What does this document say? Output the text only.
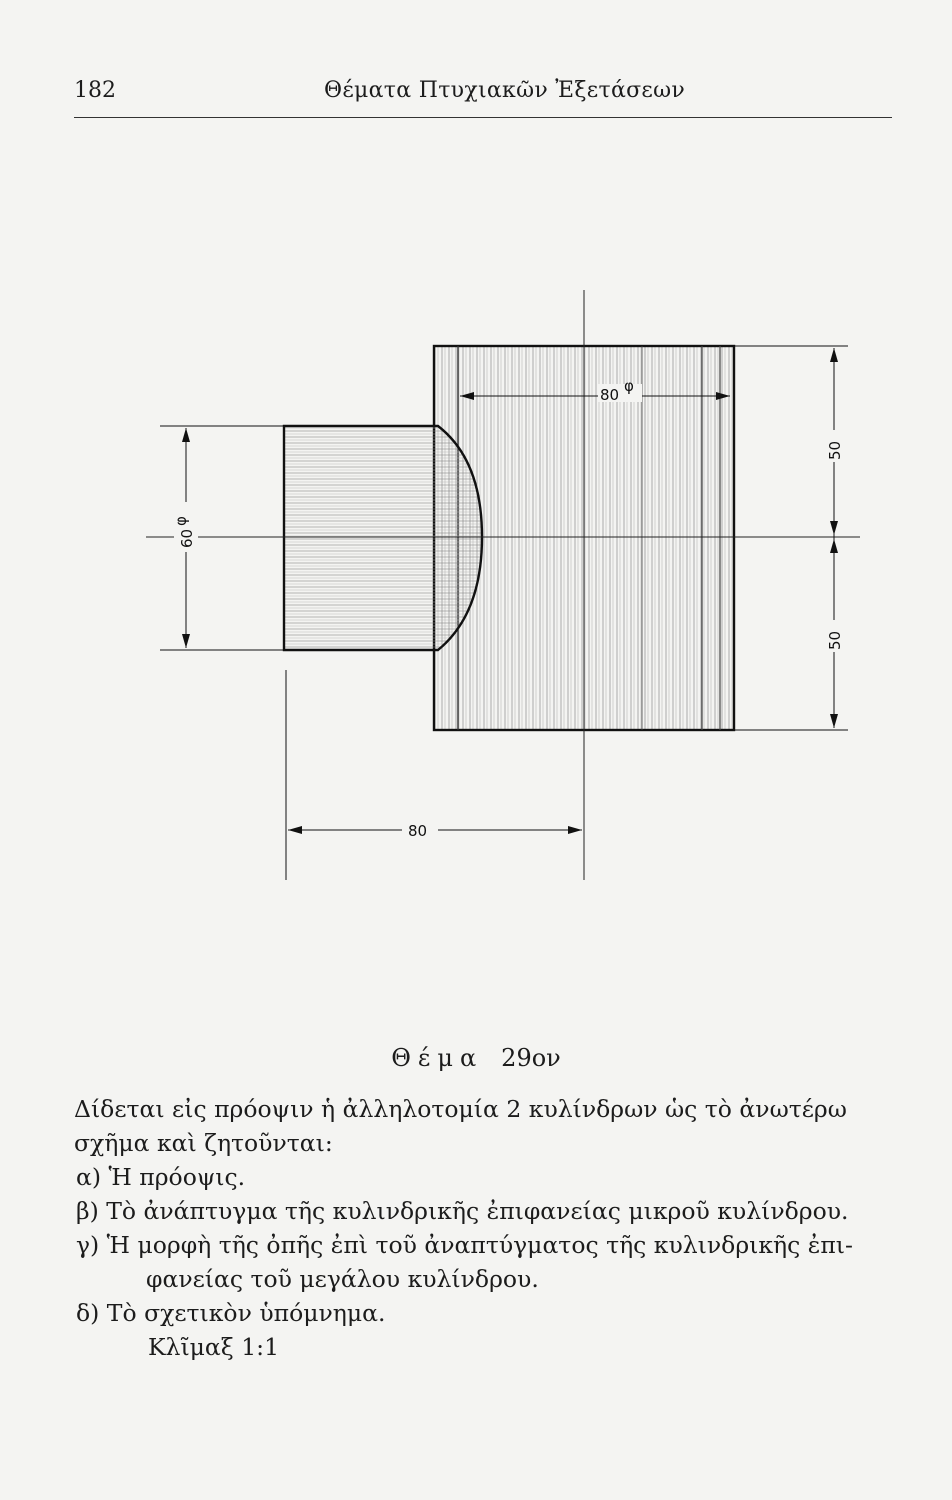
182	Θέματα Πτυχιακῶν Ἐξετάσεων
80 φ
60
φ
50
50
80
Θέμα 29ον
Δίδεται εἰς πρόοψιν ἡ ἀλληλοτομία 2 κυλίνδρων ὡς τὸ ἀνωτέρω
σχῆμα καὶ ζητοῦνται:
α) Ἡ πρόοψις.
β) Τὸ ἀνάπτυγμα τῆς κυλινδρικῆς ἐπιφανείας μικροῦ κυλίνδρου.
γ) Ἡ μορφὴ τῆς ὀπῆς ἐπὶ τοῦ ἀναπτύγματος τῆς κυλινδρικῆς ἐπι-
φανείας τοῦ μεγάλου κυλίνδρου.
δ) Τὸ σχετικὸν ὑπόμνημα.
Κλῖμαξ 1:1
